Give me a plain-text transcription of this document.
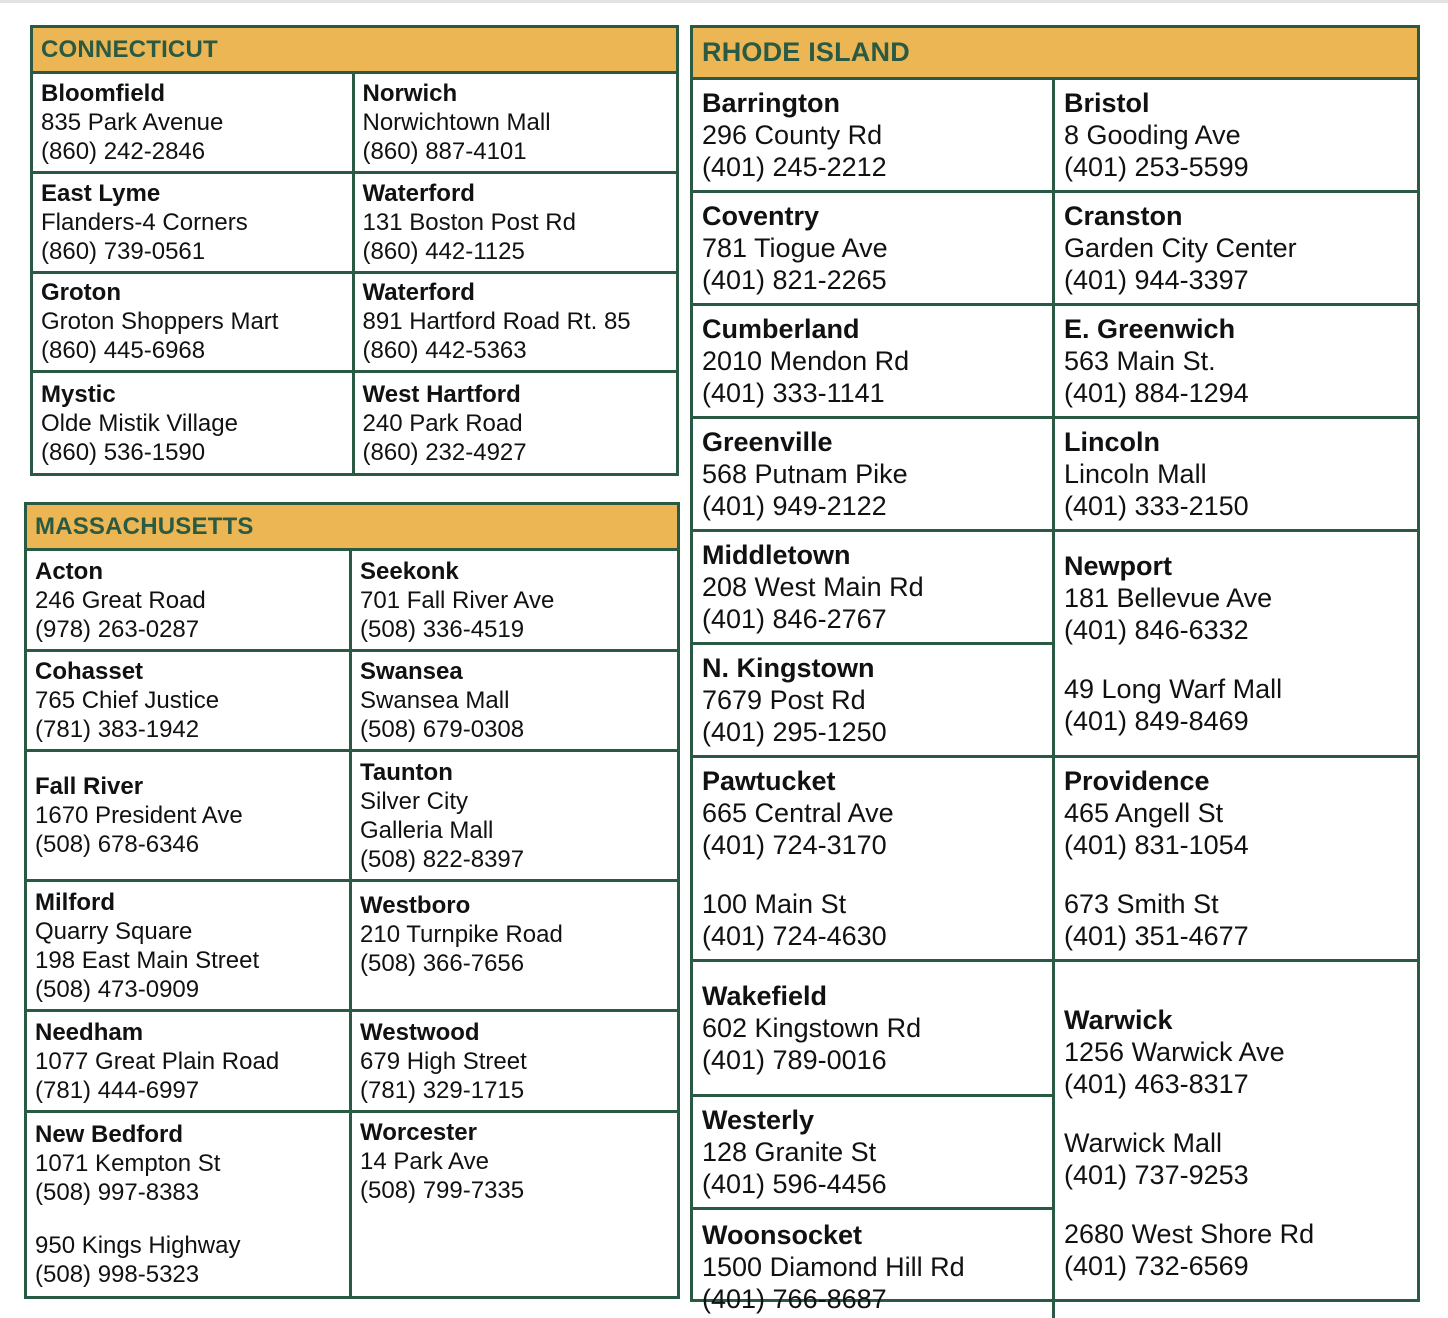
CONNECTICUT
Bloomfield
835 Park Avenue
(860) 242-2846
Norwich
Norwichtown Mall
(860) 887-4101
East Lyme
Flanders-4 Corners
(860) 739-0561
Waterford
131 Boston Post Rd
(860) 442-1125
Groton
Groton Shoppers Mart
(860) 445-6968
Waterford
891 Hartford Road Rt. 85
(860) 442-5363
Mystic
Olde Mistik Village
(860) 536-1590
West Hartford
240 Park Road
(860) 232-4927
MASSACHUSETTS
Acton
246 Great Road
(978) 263-0287
Seekonk
701 Fall River Ave
(508) 336-4519
Cohasset
765 Chief Justice
(781) 383-1942
Swansea
Swansea Mall
(508) 679-0308
Fall River
1670 President Ave
(508) 678-6346
Taunton
Silver City
Galleria Mall
(508) 822-8397
Milford
Quarry Square
198 East Main Street
(508) 473-0909
Westboro
210 Turnpike Road
(508) 366-7656
Needham
1077 Great Plain Road
(781) 444-6997
Westwood
679 High Street
(781) 329-1715
New Bedford
1071 Kempton St
(508) 997-8383
950 Kings Highway
(508) 998-5323
Worcester
14 Park Ave
(508) 799-7335
RHODE ISLAND
Barrington
296 County Rd
(401) 245-2212
Bristol
8 Gooding Ave
(401) 253-5599
Coventry
781 Tiogue Ave
(401) 821-2265
Cranston
Garden City Center
(401) 944-3397
Cumberland
2010 Mendon Rd
(401) 333-1141
E. Greenwich
563 Main St.
(401) 884-1294
Greenville
568 Putnam Pike
(401) 949-2122
Lincoln
Lincoln Mall
(401) 333-2150
Middletown
208 West Main Rd
(401) 846-2767
Newport
181 Bellevue Ave
(401) 846-6332
49 Long Warf Mall
(401) 849-8469
N. Kingstown
7679 Post Rd
(401) 295-1250
Pawtucket
665 Central Ave
(401) 724-3170
100 Main St
(401) 724-4630
Providence
465 Angell St
(401) 831-1054
673 Smith St
(401) 351-4677
Wakefield
602 Kingstown Rd
(401) 789-0016
Warwick
1256 Warwick Ave
(401) 463-8317
Warwick Mall
(401) 737-9253
2680 West Shore Rd
(401) 732-6569
Westerly
128 Granite St
(401) 596-4456
Woonsocket
1500 Diamond Hill Rd
(401) 766-8687
